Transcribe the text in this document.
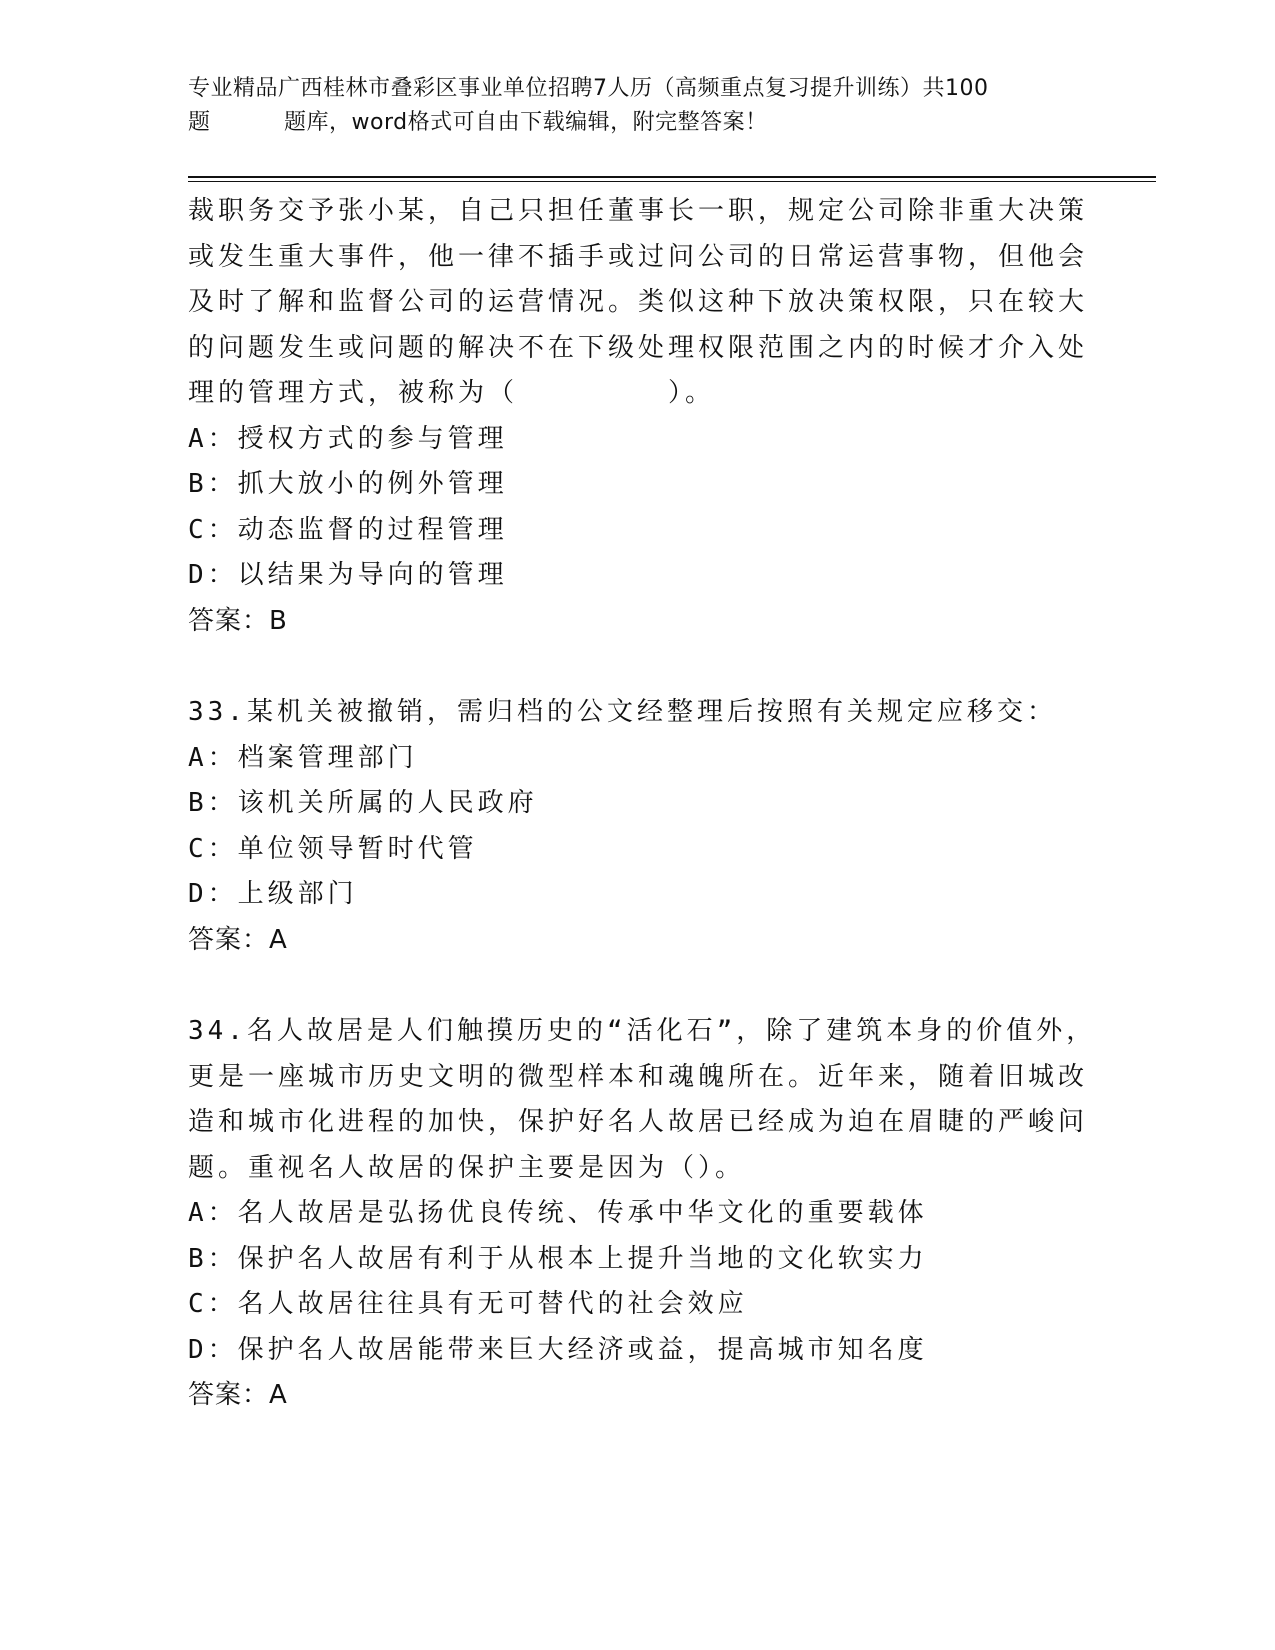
专业精品广西桂林市叠彩区事业单位招聘7人历（高频重点复习提升训练）共100
题	题库，word格式可自由下载编辑，附完整答案！
裁职务交予张小某，自己只担任董事长一职，规定公司除非重大决策
或发生重大事件，他一律不插手或过问公司的日常运营事物，但他会
及时了解和监督公司的运营情况。类似这种下放决策权限，只在较大
的问题发生或问题的解决不在下级处理权限范围之内的时候才介入处
理的管理方式，被称为（　　　　　）。
A：授权方式的参与管理
B：抓大放小的例外管理
C：动态监督的过程管理
D：以结果为导向的管理
答案：B
33.某机关被撤销，需归档的公文经整理后按照有关规定应移交：
A：档案管理部门
B：该机关所属的人民政府
C：单位领导暂时代管
D：上级部门
答案：A
34.名人故居是人们触摸历史的“活化石”，除了建筑本身的价值外，
更是一座城市历史文明的微型样本和魂魄所在。近年来，随着旧城改
造和城市化进程的加快，保护好名人故居已经成为迫在眉睫的严峻问
题。重视名人故居的保护主要是因为（）。
A：名人故居是弘扬优良传统、传承中华文化的重要载体
B：保护名人故居有利于从根本上提升当地的文化软实力
C：名人故居往往具有无可替代的社会效应
D：保护名人故居能带来巨大经济或益，提高城市知名度
答案：A
